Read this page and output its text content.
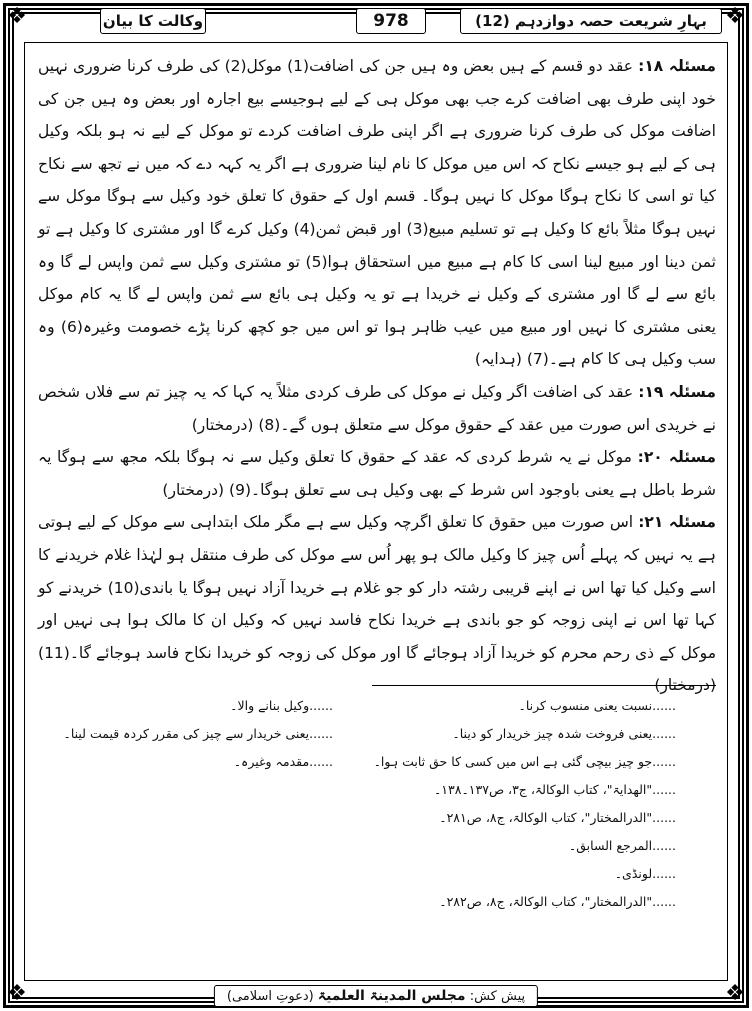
❖	❖
❖	❖
بہارِ شریعت حصہ دوازدہم (12)
978
وکالت کا بیان

مسئلہ ۱۸: عقد دو قسم کے ہیں بعض وہ ہیں جن کی اضافت(1) موکل(2) کی طرف کرنا ضروری نہیں خود اپنی طرف بھی اضافت کرے جب بھی موکل ہی کے لیے ہوجیسے بیع اجارہ اور بعض وہ ہیں جن کی اضافت موکل کی طرف کرنا ضروری ہے اگر اپنی طرف اضافت کردے تو موکل کے لیے نہ ہو بلکہ وکیل ہی کے لیے ہو جیسے نکاح کہ اس میں موکل کا نام لینا ضروری ہے اگر یہ کہہ دے کہ میں نے تجھ سے نکاح کیا تو اسی کا نکاح ہوگا موکل کا نہیں ہوگا۔ قسم اول کے حقوق کا تعلق خود وکیل سے ہوگا موکل سے نہیں ہوگا مثلاً بائع کا وکیل ہے تو تسلیم مبیع(3) اور قبض ثمن(4) وکیل کرے گا اور مشتری کا وکیل ہے تو ثمن دینا اور مبیع لینا اسی کا کام ہے مبیع میں استحقاق ہوا(5) تو مشتری وکیل سے ثمن واپس لے گا وہ بائع سے لے گا اور مشتری کے وکیل نے خریدا ہے تو یہ وکیل ہی بائع سے ثمن واپس لے گا یہ کام موکل یعنی مشتری کا نہیں اور مبیع میں عیب ظاہر ہوا تو اس میں جو کچھ کرنا پڑے خصومت وغیرہ(6) وہ سب وکیل ہی کا کام ہے۔(7) (ہدایہ)

مسئلہ ۱۹: عقد کی اضافت اگر وکیل نے موکل کی طرف کردی مثلاً یہ کہا کہ یہ چیز تم سے فلاں شخص نے خریدی اس صورت میں عقد کے حقوق موکل سے متعلق ہوں گے۔(8) (درمختار)

مسئلہ ۲۰: موکل نے یہ شرط کردی کہ عقد کے حقوق کا تعلق وکیل سے نہ ہوگا بلکہ مجھ سے ہوگا یہ شرط باطل ہے یعنی باوجود اس شرط کے بھی وکیل ہی سے تعلق ہوگا۔(9) (درمختار)

مسئلہ ۲۱: اس صورت میں حقوق کا تعلق اگرچہ وکیل سے ہے مگر ملک ابتداہی سے موکل کے لیے ہوتی ہے یہ نہیں کہ پہلے اُس چیز کا وکیل مالک ہو پھر اُس سے موکل کی طرف منتقل ہو لہٰذا غلام خریدنے کا اسے وکیل کیا تھا اس نے اپنے قریبی رشتہ دار کو جو غلام ہے خریدا آزاد نہیں ہوگا یا باندی(10) خریدنے کو کہا تھا اس نے اپنی زوجہ کو جو باندی ہے خریدا نکاح فاسد نہیں کہ وکیل ان کا مالک ہوا ہی نہیں اور موکل کے ذی رحم محرم کو خریدا آزاد ہوجائے گا اور موکل کی زوجہ کو خریدا نکاح فاسد ہوجائے گا۔(11) (درمختار)

......نسبت یعنی منسوب کرنا۔
......وکیل بنانے والا۔
......یعنی فروخت شدہ چیز خریدار کو دینا۔
......یعنی خریدار سے چیز کی مقرر کردہ قیمت لینا۔
......جو چیز بیچی گئی ہے اس میں کسی کا حق ثابت ہوا۔
......مقدمہ وغیرہ۔
......"الھدایۃ"، کتاب الوکالۃ، ج۳، ص۱۳۷۔۱۳۸۔
......"الدرالمختار"، کتاب الوکالۃ، ج۸، ص۲۸۱۔
......المرجع السابق۔
......لونڈی۔
......"الدرالمختار"، کتاب الوکالۃ، ج۸، ص۲۸۲۔
پیش کش: مجلس المدینۃ العلمیۃ (دعوتِ اسلامی)
